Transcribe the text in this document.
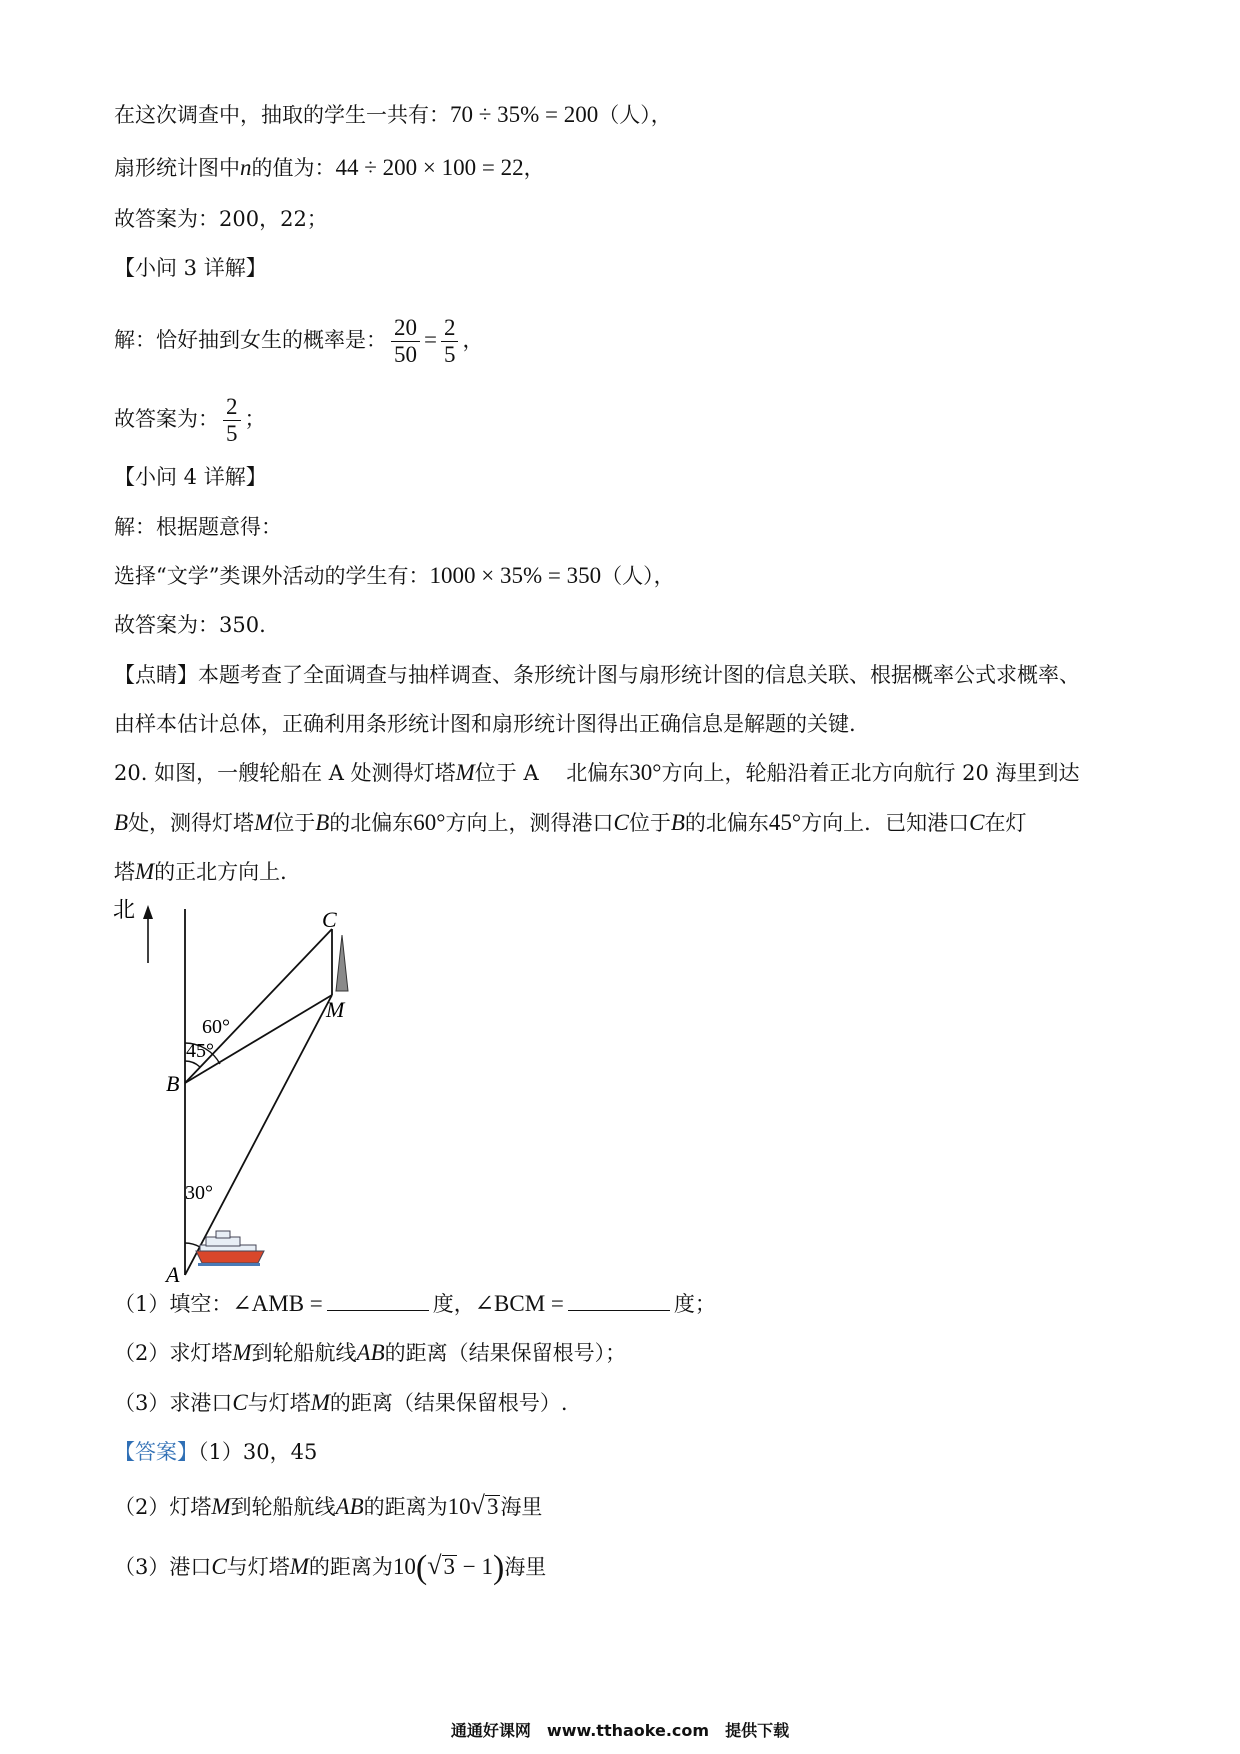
在这次调查中，抽取的学生一共有：70 ÷ 35% = 200（人），
扇形统计图中n的值为：44 ÷ 200 × 100 = 22，
故答案为：200，22；
【小问 3 详解】
解：恰好抽到女生的概率是： $\frac{20}{50} = \frac{2}{5}$ ，
故答案为： $\frac{2}{5}$ ；
【小问 4 详解】
解：根据题意得：
选择“文学”类课外活动的学生有：1000 × 35% = 350（人），
故答案为：350.
【点睛】本题考查了全面调查与抽样调查、条形统计图与扇形统计图的信息关联、根据概率公式求概率、
由样本估计总体，正确利用条形统计图和扇形统计图得出正确信息是解题的关键.
20. 如图，一艘轮船在 A 处测得灯塔M位于 A　 北偏东30°方向上，轮船沿着正北方向航行 20 海里到达
B处，测得灯塔M位于B的北偏东60°方向上，测得港口C位于B的北偏东45°方向上．已知港口C在灯
塔M的正北方向上．
北	C
M
B
A
60°
45°
30°
（1）填空：∠AMB =	度，∠BCM =	度；
（2）求灯塔M到轮船航线AB的距离（结果保留根号）；
（3）求港口C与灯塔M的距离（结果保留根号）.
【答案】（1）30，45
（2）灯塔M到轮船航线AB的距离为10√3海里
（3）港口C与灯塔M的距离为10(√3 − 1)海里
通通好课网　www.tthaoke.com　提供下载
